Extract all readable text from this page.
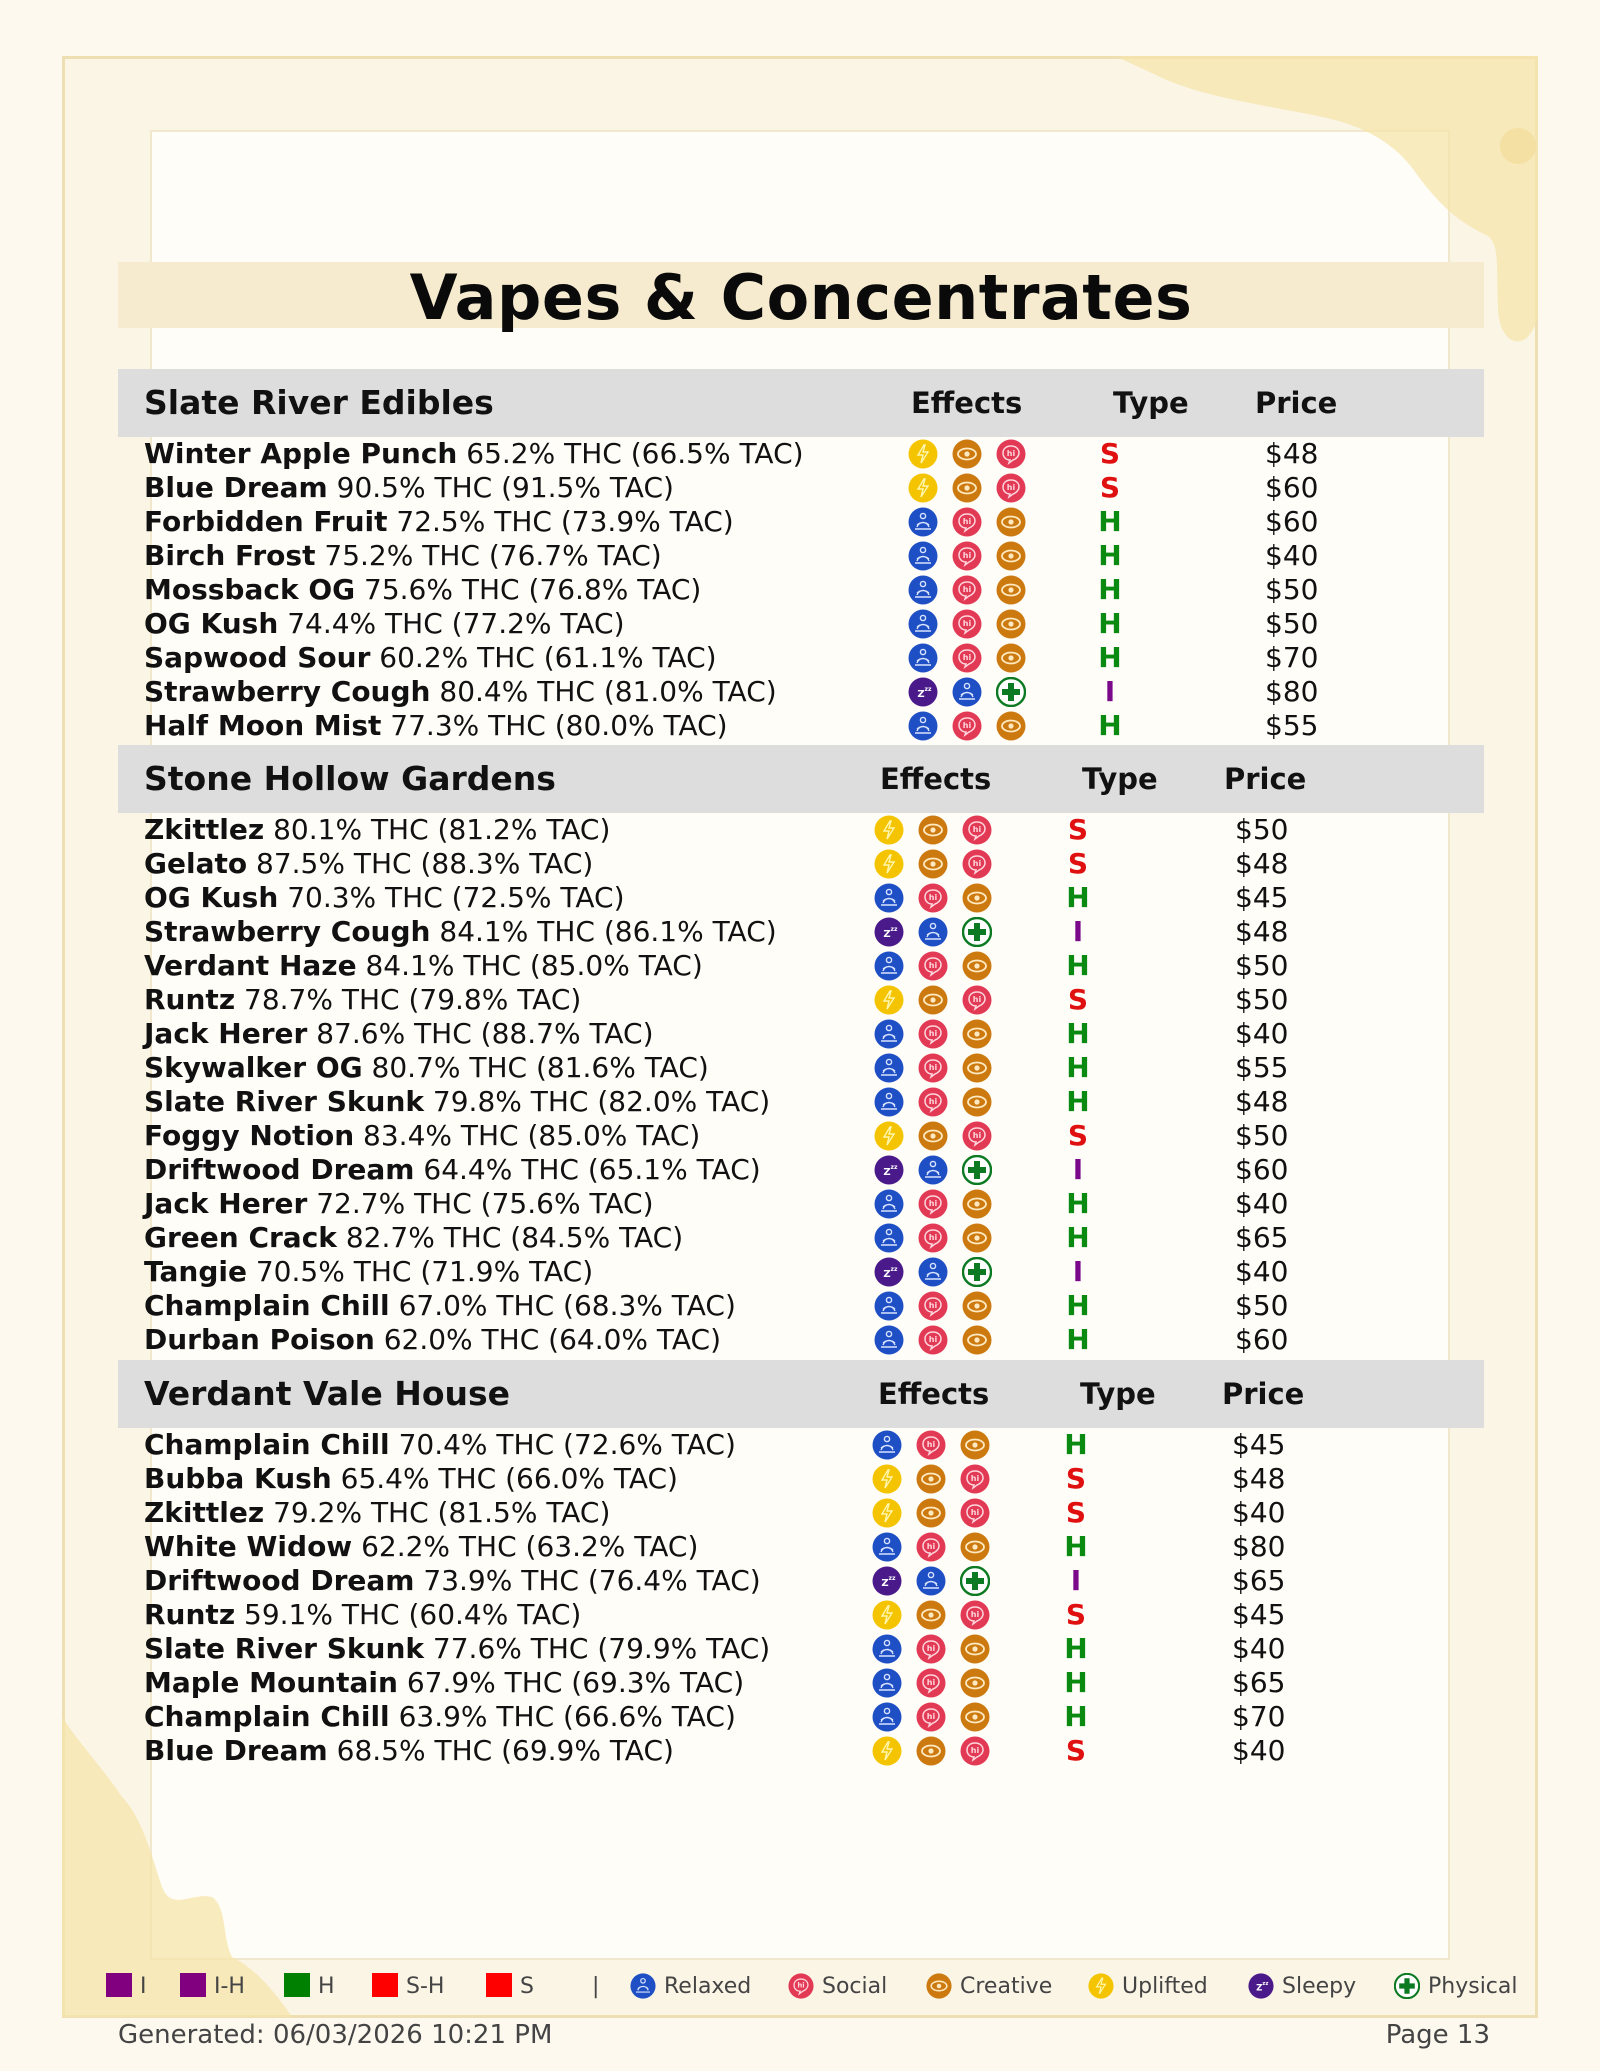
Vapes & Concentrates
Slate River Edibles	Effects	Type Price
Winter Apple Punch 65.2% THC (66.5% TAC)	hi	S	$48
Blue Dream 90.5% THC (91.5% TAC)	hi	S	$60
Forbidden Fruit 72.5% THC (73.9% TAC)	hi	H	$60
Birch Frost 75.2% THC (76.7% TAC)	hi	H	$40
Mossback OG 75.6% THC (76.8% TAC)	hi	H	$50
OG Kush 74.4% THC (77.2% TAC)	hi	H	$50
Sapwood Sour 60.2% THC (61.1% TAC)	hi	H	$70
Strawberry Cough 80.4% THC (81.0% TAC)	Z zz	I	$80
Half Moon Mist 77.3% THC (80.0% TAC)	hi	H	$55
Stone Hollow Gardens	Effects	Type Price
Zkittlez 80.1% THC (81.2% TAC)	hi	S	$50
Gelato 87.5% THC (88.3% TAC)	hi	S	$48
OG Kush 70.3% THC (72.5% TAC)	hi	H	$45
Strawberry Cough 84.1% THC (86.1% TAC)	Z zz	I	$48
Verdant Haze 84.1% THC (85.0% TAC)	hi	H	$50
Runtz 78.7% THC (79.8% TAC)	hi	S	$50
Jack Herer 87.6% THC (88.7% TAC)	hi	H	$40
Skywalker OG 80.7% THC (81.6% TAC)	hi	H	$55
Slate River Skunk 79.8% THC (82.0% TAC)	hi	H	$48
Foggy Notion 83.4% THC (85.0% TAC)	hi	S	$50
Driftwood Dream 64.4% THC (65.1% TAC)	Z zz	I	$60
Jack Herer 72.7% THC (75.6% TAC)	hi	H	$40
Green Crack 82.7% THC (84.5% TAC)	hi	H	$65
Tangie 70.5% THC (71.9% TAC)	Z zz	I	$40
Champlain Chill 67.0% THC (68.3% TAC)	hi	H	$50
Durban Poison 62.0% THC (64.0% TAC)	hi	H	$60
Verdant Vale House	Effects	Type Price
Champlain Chill 70.4% THC (72.6% TAC)	hi	H	$45
Bubba Kush 65.4% THC (66.0% TAC)	hi	S	$48
Zkittlez 79.2% THC (81.5% TAC)	hi	S	$40
White Widow 62.2% THC (63.2% TAC)	hi	H	$80
Driftwood Dream 73.9% THC (76.4% TAC)	Z zz	I	$65
Runtz 59.1% THC (60.4% TAC)	hi	S	$45
Slate River Skunk 77.6% THC (79.9% TAC)	hi	H	$40
Maple Mountain 67.9% THC (69.3% TAC)	hi	H	$65
Champlain Chill 63.9% THC (66.6% TAC)	hi	H	$70
Blue Dream 68.5% THC (69.9% TAC)	hi	S	$40
I	I-H	H	S-H	S	|	Relaxed	hi Social	Creative	Uplifted	Z zz Sleepy	Physical
Generated: 06/03/2026 10:21 PM	Page 13
